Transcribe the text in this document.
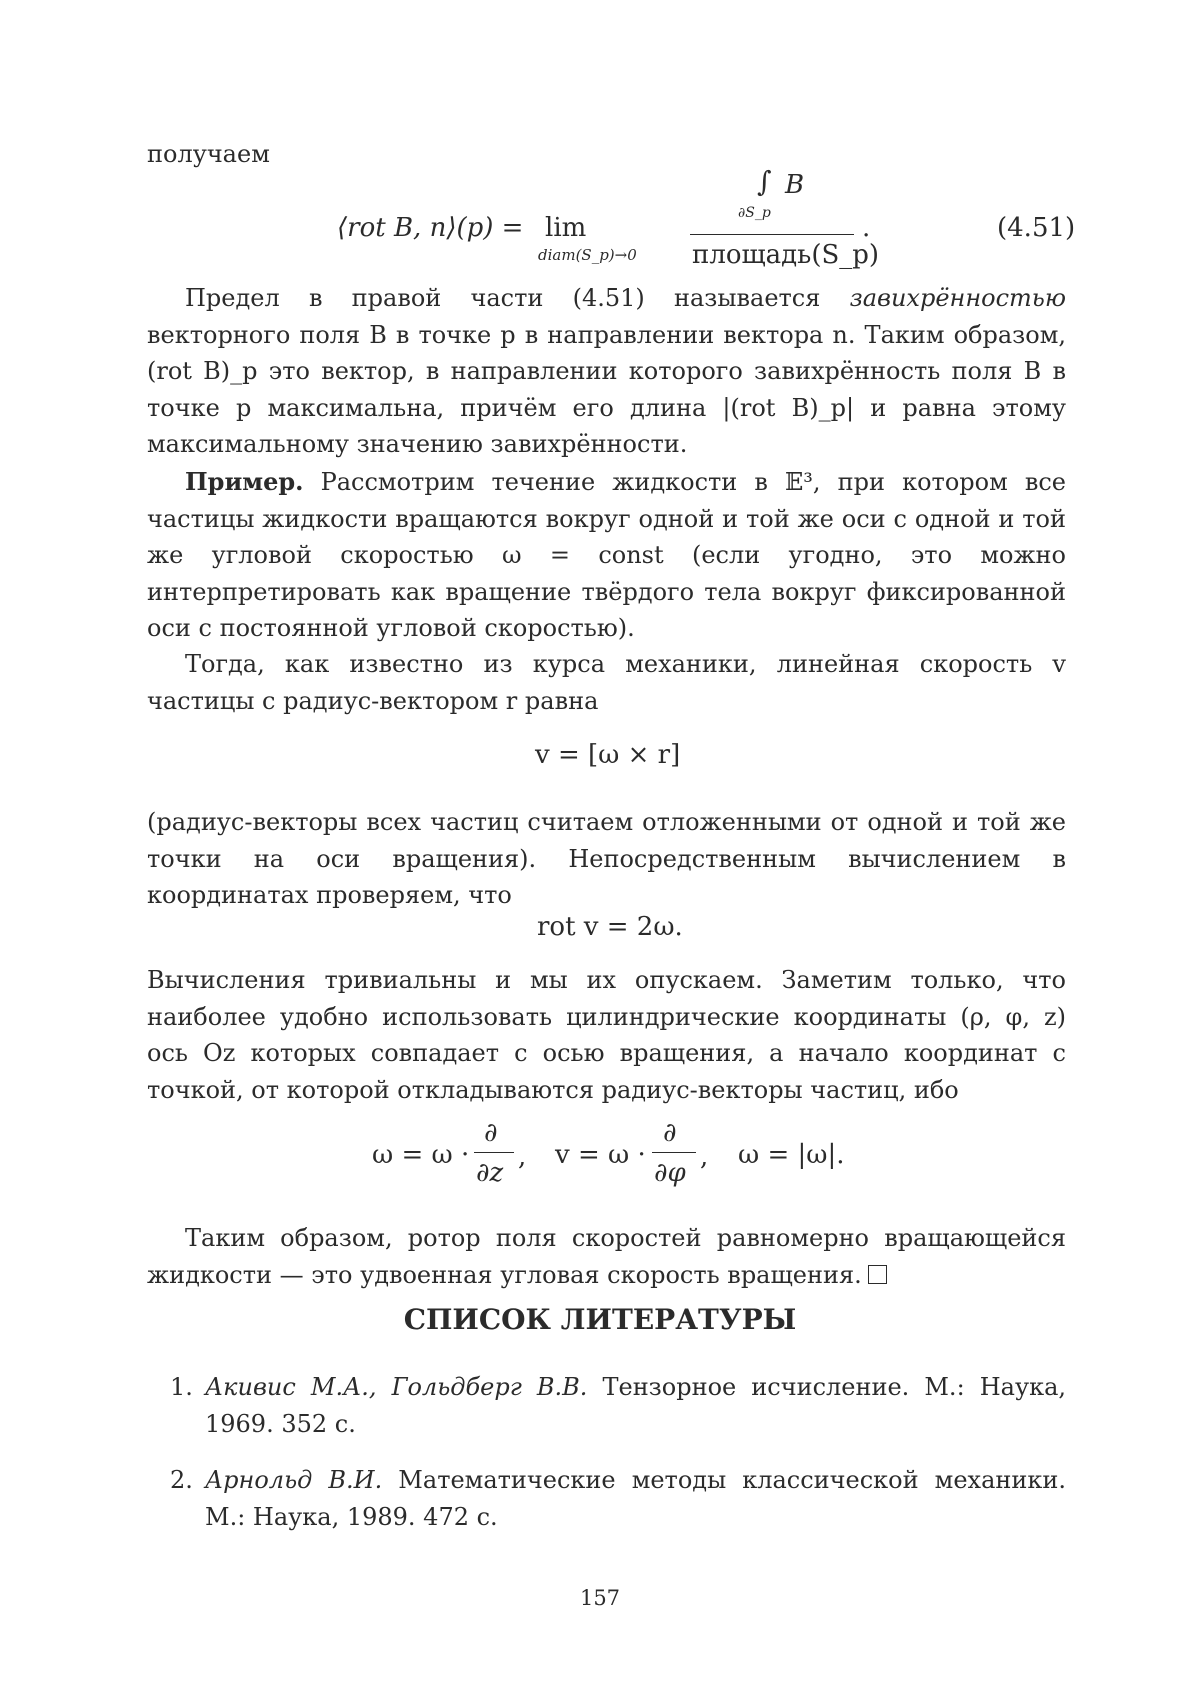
получаем
⟨rot B, n⟩(p) = lim
diam(S_p)→0
∫ B
∂S_p
площадь(S_p)
.	(4.51)
Предел в правой части (4.51) называется завихрённостью векторного поля B в точке p в направлении вектора n. Таким образом, (rot B)_p это вектор, в направлении которого завихрённость поля B в точке p максимальна, причём его длина |(rot B)_p| и равна этому максимальному значению завихрённости.
Пример. Рассмотрим течение жидкости в 𝔼³, при котором все частицы жидкости вращаются вокруг одной и той же оси с одной и той же угловой скоростью ω = const (если угодно, это можно интерпретировать как вращение твёрдого тела вокруг фиксированной оси с постоянной угловой скоростью).
Тогда, как известно из курса механики, линейная скорость v частицы с радиус-вектором r равна
v = [ω × r]
(радиус-векторы всех частиц считаем отложенными от одной и той же точки на оси вращения). Непосредственным вычислением в координатах проверяем, что
rot v = 2ω.
Вычисления тривиальны и мы их опускаем. Заметим только, что наиболее удобно использовать цилиндрические координаты (ρ, φ, z) ось Oz которых совпадает с осью вращения, а начало координат с точкой, от которой откладываются радиус-векторы частиц, ибо
ω = ω ·
∂
∂z
, v = ω ·
∂
∂φ
, ω = |ω|.
Таким образом, ротор поля скоростей равномерно вращающейся жидкости — это удвоенная угловая скорость вращения.
СПИСОК ЛИТЕРАТУРЫ
1. Акивис М.А., Гольдберг В.В. Тензорное исчисление. М.: Наука, 1969. 352 с.
2. Арнольд В.И. Математические методы классической механики. М.: Наука, 1989. 472 с.
157
